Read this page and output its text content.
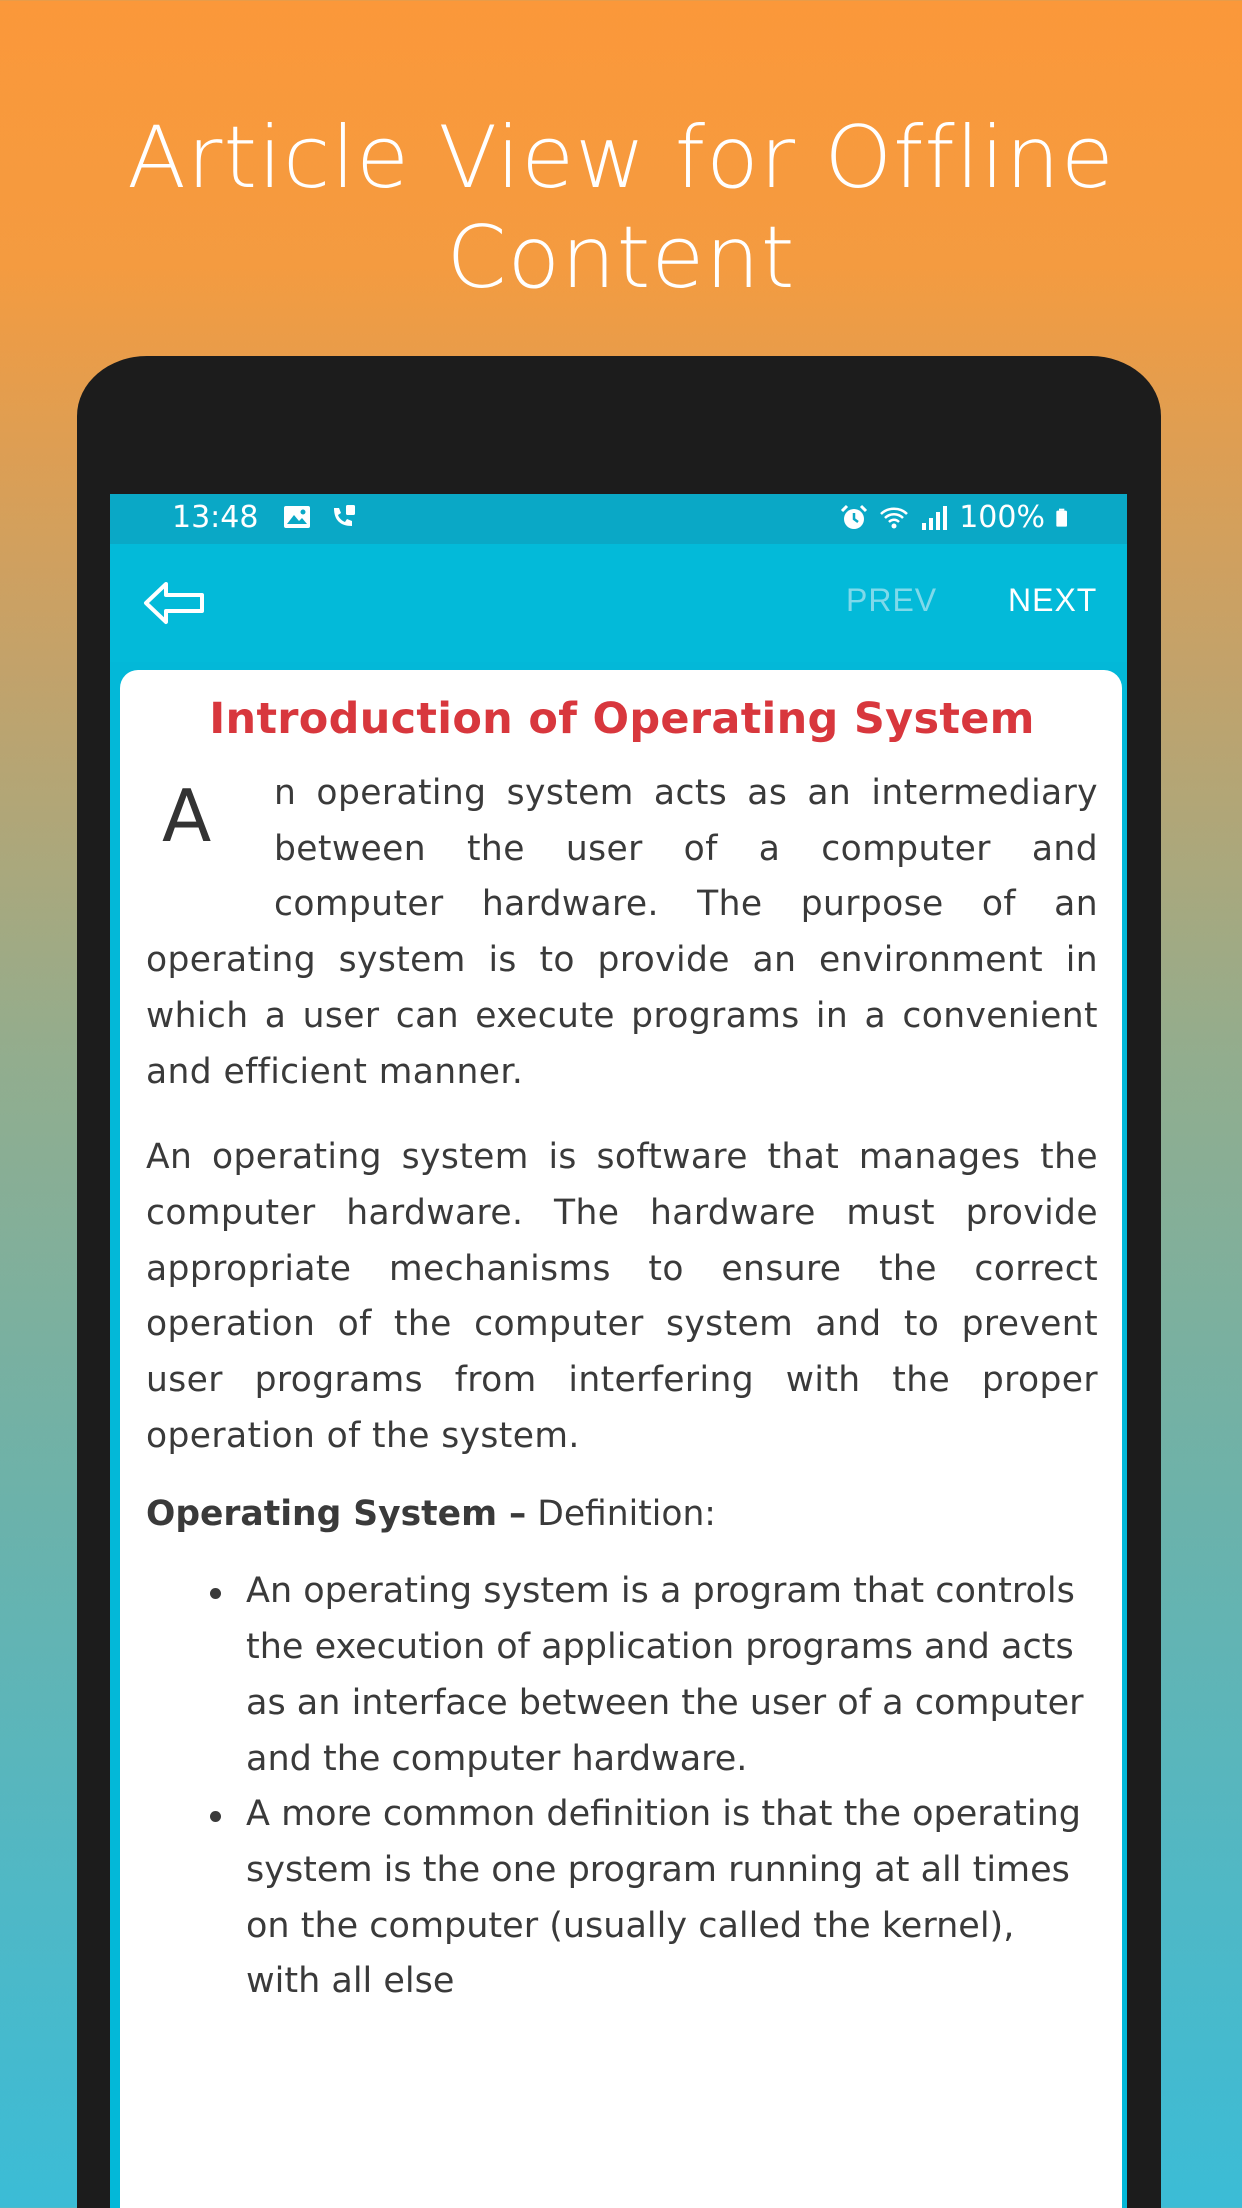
Article View for Offline Content
13:48	100%
PREV NEXT
Introduction of Operating System

A	n operating system acts as an intermediary between the user of a computer and computer hardware. The purpose of an operating system is to provide an environment in which a user can execute programs in a convenient and efficient manner.

An operating system is software that manages the computer hardware. The hardware must provide appropriate mechanisms to ensure the correct operation of the computer system and to prevent user programs from interfering with the proper operation of the system.

Operating System – Definition:

An operating system is a program that controls the execution of application programs and acts as an interface between the user of a computer and the computer hardware.
A more common definition is that the operating system is the one program running at all times on the computer (usually called the kernel), with all else
